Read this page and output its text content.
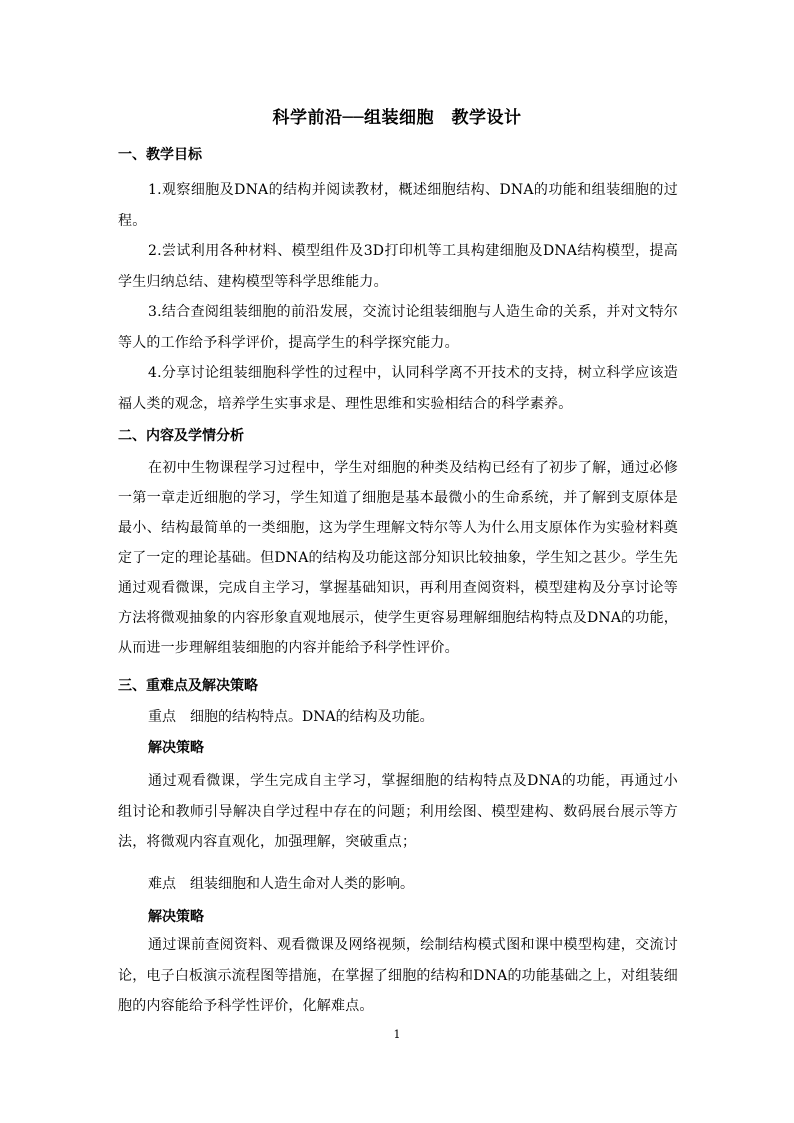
科学前沿──组装细胞　教学设计
一、教学目标

1.观察细胞及DNA的结构并阅读教材，概述细胞结构、DNA的功能和组装细胞的过程。

2.尝试利用各种材料、模型组件及3D打印机等工具构建细胞及DNA结构模型，提高学生归纳总结、建构模型等科学思维能力。

3.结合查阅组装细胞的前沿发展，交流讨论组装细胞与人造生命的关系，并对文特尔等人的工作给予科学评价，提高学生的科学探究能力。

4.分享讨论组装细胞科学性的过程中，认同科学离不开技术的支持，树立科学应该造福人类的观念，培养学生实事求是、理性思维和实验相结合的科学素养。

二、内容及学情分析

在初中生物课程学习过程中，学生对细胞的种类及结构已经有了初步了解，通过必修一第一章走近细胞的学习，学生知道了细胞是基本最微小的生命系统，并了解到支原体是最小、结构最简单的一类细胞，这为学生理解文特尔等人为什么用支原体作为实验材料奠定了一定的理论基础。但DNA的结构及功能这部分知识比较抽象，学生知之甚少。学生先通过观看微课，完成自主学习，掌握基础知识，再利用查阅资料，模型建构及分享讨论等方法将微观抽象的内容形象直观地展示，使学生更容易理解细胞结构特点及DNA的功能，从而进一步理解组装细胞的内容并能给予科学性评价。

三、重难点及解决策略

重点　细胞的结构特点。DNA的结构及功能。

解决策略

通过观看微课，学生完成自主学习，掌握细胞的结构特点及DNA的功能，再通过小组讨论和教师引导解决自学过程中存在的问题；利用绘图、模型建构、数码展台展示等方法，将微观内容直观化，加强理解，突破重点；

难点　组装细胞和人造生命对人类的影响。

解决策略

通过课前查阅资料、观看微课及网络视频，绘制结构模式图和课中模型构建，交流讨论，电子白板演示流程图等措施，在掌握了细胞的结构和DNA的功能基础之上，对组装细胞的内容能给予科学性评价，化解难点。

1
